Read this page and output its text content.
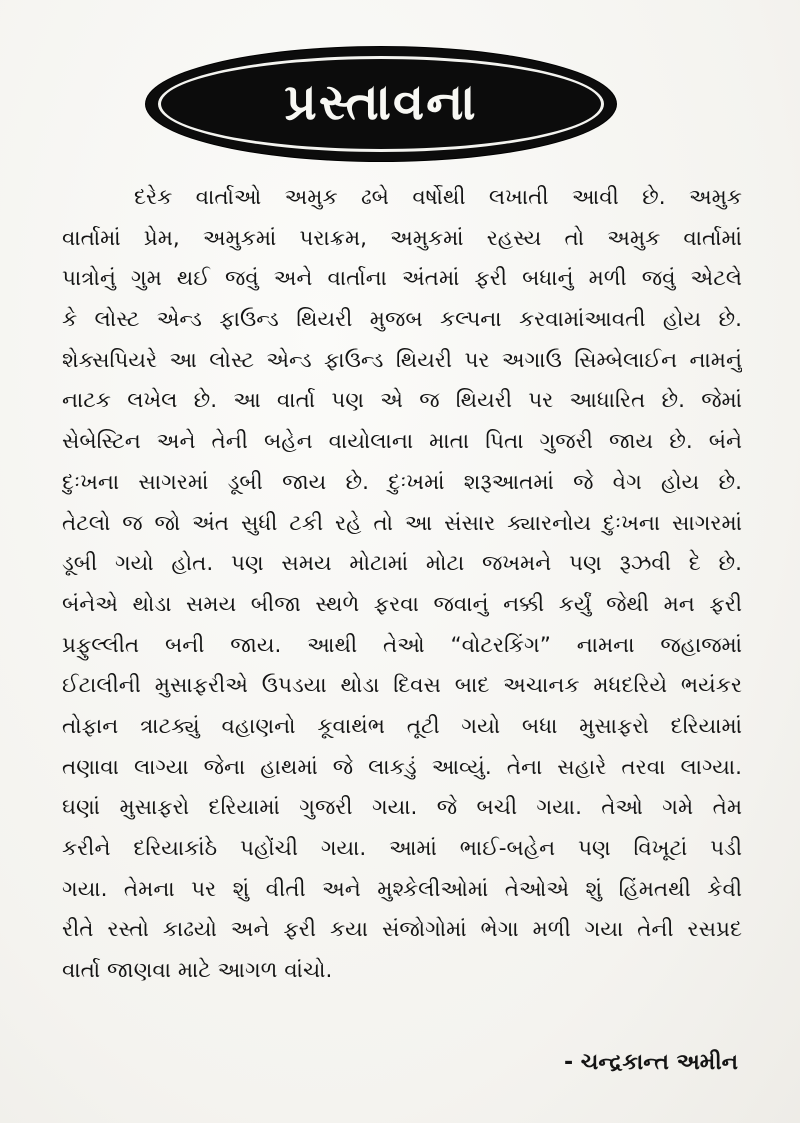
પ્રસ્તાવના
દરેક વાર્તાઓ અમુક ઢબે વર્ષોથી લખાતી આવી છે. અમુક
વાર્તામાં પ્રેમ, અમુકમાં પરાક્રમ, અમુકમાં રહસ્ય તો અમુક વાર્તામાં
પાત્રોનું ગુમ થઈ જવું અને વાર્તાના અંતમાં ફરી બધાનું મળી જવું એટલે
કે લોસ્ટ એન્ડ ફાઉન્ડ થિયરી મુજબ કલ્પના કરવામાંઆવતી હોય છે.
શેક્સપિયરે આ લોસ્ટ એન્ડ ફાઉન્ડ થિયરી પર અગાઉ સિમ્બેલાઈન નામનું
નાટક લખેલ છે. આ વાર્તા પણ એ જ થિયરી પર આધારિત છે. જેમાં
સેબેસ્ટિન અને તેની બહેન વાયોલાના માતા પિતા ગુજરી જાય છે. બંને
દુઃખના સાગરમાં ડૂબી જાય છે. દુઃખમાં શરૂઆતમાં જે વેગ હોય છે.
તેટલો જ જો અંત સુધી ટકી રહે તો આ સંસાર ક્યારનોય દુઃખના સાગરમાં
ડૂબી ગયો હોત. પણ સમય મોટામાં મોટા જખમને પણ રૂઝવી દે છે.
બંનેએ થોડા સમય બીજા સ્થળે ફરવા જવાનું નક્કી કર્યું જેથી મન ફરી
પ્રફુલ્લીત બની જાય. આથી તેઓ “વોટરકિંગ” નામના જહાજમાં
ઈટાલીની મુસાફરીએ ઉપડયા થોડા દિવસ બાદ અચાનક મધદરિયે ભયંકર
તોફાન ત્રાટક્યું વહાણનો કૂવાથંભ તૂટી ગયો બધા મુસાફરો દરિયામાં
તણાવા લાગ્યા જેના હાથમાં જે લાકડું આવ્યું. તેના સહારે તરવા લાગ્યા.
ઘણાં મુસાફરો દરિયામાં ગુજરી ગયા. જે બચી ગયા. તેઓ ગમે તેમ
કરીને દરિયાકાંઠે પહોંચી ગયા. આમાં ભાઈ-બહેન પણ વિખૂટાં પડી
ગયા. તેમના પર શું વીતી અને મુશ્કેલીઓમાં તેઓએ શું હિંમતથી કેવી
રીતે રસ્તો કાઢયો અને ફરી કયા સંજોગોમાં ભેગા મળી ગયા તેની રસપ્રદ
વાર્તા જાણવા માટે આગળ વાંચો.
- ચન્દ્રકાન્ત અમીન
